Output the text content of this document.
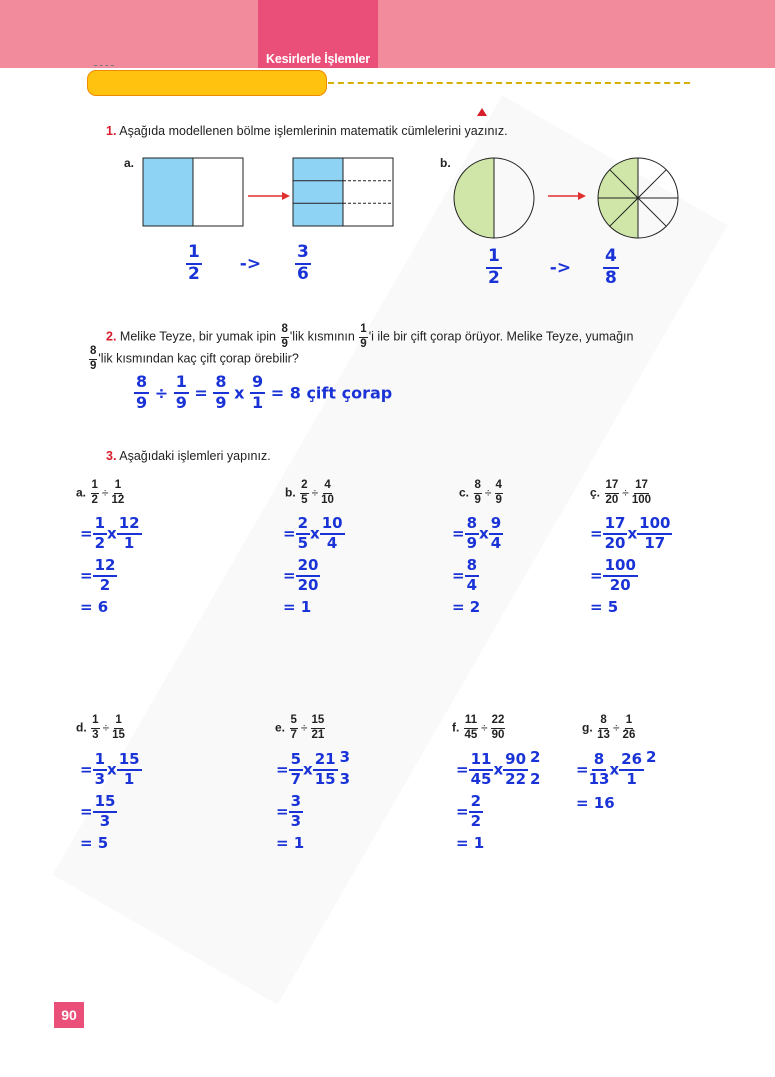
Kesirlerle İşlemler
1. Aşağıda modellenen bölme işlemlerinin matematik cümlelerini yazınız.
a.	b.
$\frac{1}{2} -> \frac{3}{6}$	$\frac{1}{2}$	-> $\frac{4}{8}$
2. Melike Teyze, bir yumak ipin $\frac{8}{9}$ 'lik kısmının $\frac{1}{9}$ 'i ile bir çift çorap örüyor. Melike Teyze, yumağın
$\frac{8}{9}$ 'lik kısmından kaç çift çorap örebilir?
$\frac{8}{9} \div \frac{1}{9} = \frac{8}{9}$ x $\frac{9}{1} = 8$ çift çorap
3. Aşağıdaki işlemleri yapınız.
a. $\frac{1}{2} \div \frac{1}{12}$
= $\frac{1}{2}$ x $\frac{12}{1}$
= $\frac{12}{2}$
= 6
b. $\frac{2}{5} \div \frac{4}{10}$
= $\frac{2}{5}$ x $\frac{10}{4}$
= $\frac{20}{20}$
= 1
c. $\frac{8}{9} \div \frac{4}{9}$
= $\frac{8}{9}$ x $\frac{9}{4}$
= $\frac{8}{4}$
= 2
ç. $\frac{17}{20} \div \frac{17}{100}$
= $\frac{17}{20}$ x $\frac{100}{17}$
= $\frac{100}{20}$
= 5
d. $\frac{1}{3} \div \frac{1}{15}$
= $\frac{1}{3}$ x $\frac{15}{1}$
= $\frac{15}{3}$
= 5
e. $\frac{5}{7} \div \frac{15}{21}$
= $\frac{5}{7}$ x $\frac{21}{15} 3$
3
= $\frac{3}{3}$
= 1
f. $\frac{11}{45} \div \frac{22}{90}$
= $\frac{11}{45}$ x $\frac{90}{22} 2$
2
= $\frac{2}{2}$
= 1
g. $\frac{8}{13} \div \frac{1}{26}$
= $\frac{8}{13}$ x $\frac{26}{1} 2$
= 16
90
